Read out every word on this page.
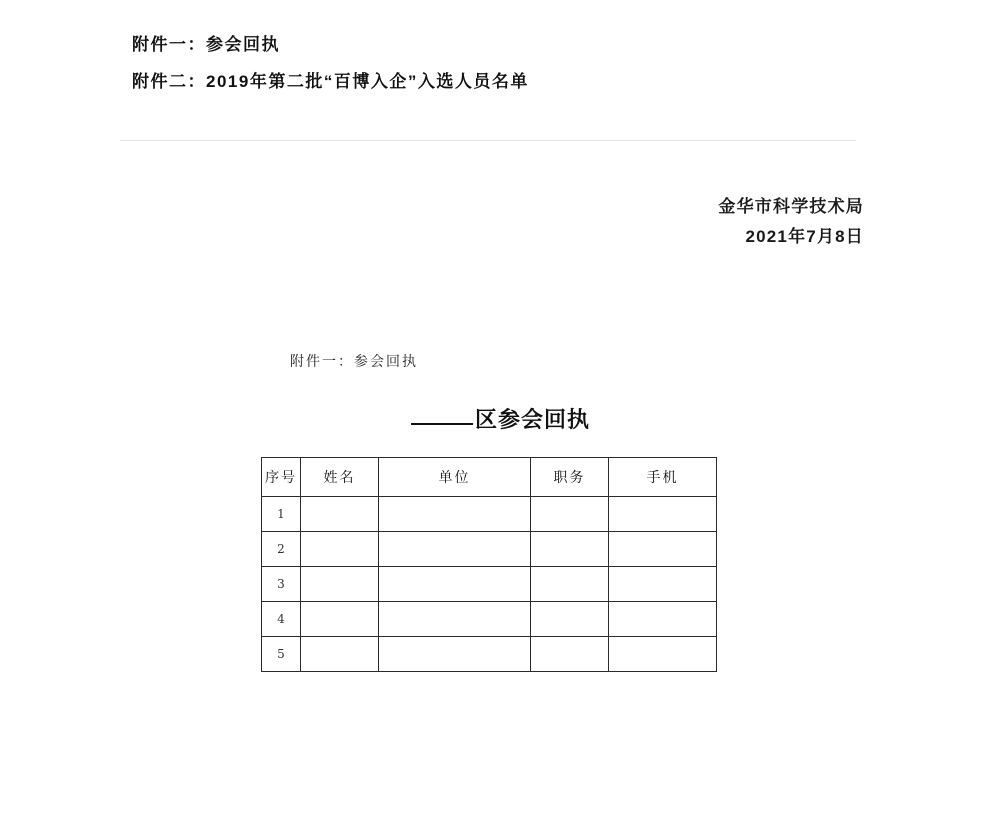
附件一：参会回执
附件二：2019年第二批“百博入企”入选人员名单
金华市科学技术局
2021年7月8日
附件一：参会回执
区参会回执
序号	姓名	单位	职务	手机
1				
2				
3				
4				
5				
